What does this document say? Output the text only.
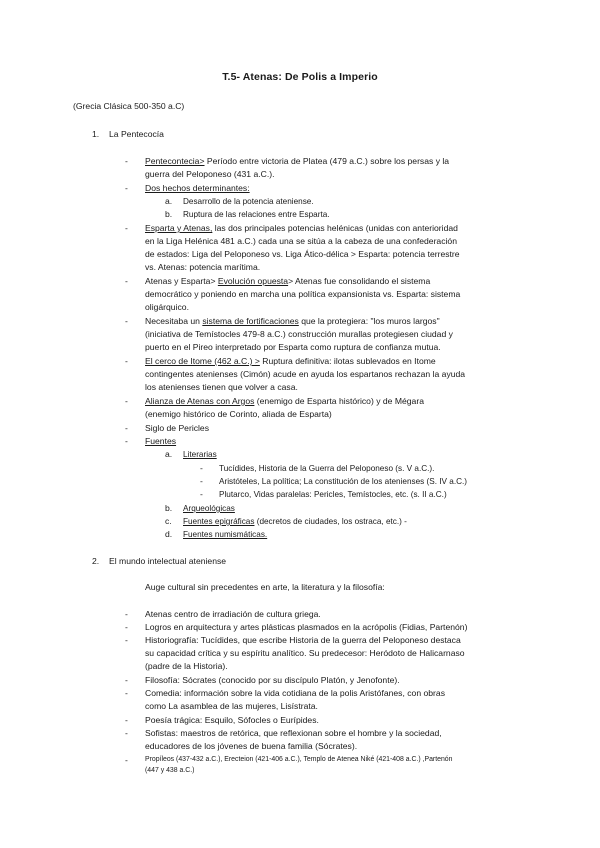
T.5- Atenas: De Polis a Imperio
(Grecia Clásica 500-350 a.C)
1. La Pentecocía
- Pentecontecia> Período entre victoria de Platea (479 a.C.) sobre los persas y la
guerra del Peloponeso (431 a.C.).
- Dos hechos determinantes:
a. Desarrollo de la potencia ateniense.
b. Ruptura de las relaciones entre Esparta.
- Esparta y Atenas, las dos principales potencias helénicas (unidas con anterioridad
en la Liga Helénica 481 a.C.) cada una se sitúa a la cabeza de una confederación
de estados: Liga del Peloponeso vs. Liga Ático-délica > Esparta: potencia terrestre
vs. Atenas: potencia marítima.
- Atenas y Esparta> Evolución opuesta> Atenas fue consolidando el sistema
democrático y poniendo en marcha una política expansionista vs. Esparta: sistema
oligárquico.
- Necesitaba un sistema de fortificaciones que la protegiera: "los muros largos"
(iniciativa de Temístocles 479-8 a.C.) construcción murallas protegiesen ciudad y
puerto en el Pireo interpretado por Esparta como ruptura de confianza mutua.
- El cerco de Itome (462 a.C.) > Ruptura definitiva: ilotas sublevados en Itome
contingentes atenienses (Cimón) acude en ayuda los espartanos rechazan la ayuda
los atenienses tienen que volver a casa.
- Alianza de Atenas con Argos (enemigo de Esparta histórico) y de Mégara
(enemigo histórico de Corinto, aliada de Esparta)
- Siglo de Pericles
- Fuentes
a. Literarias
- Tucídides, Historia de la Guerra del Peloponeso (s. V a.C.).
- Aristóteles, La política; La constitución de los atenienses (S. IV a.C.)
- Plutarco, Vidas paralelas: Pericles, Temístocles, etc. (s. II a.C.)
b. Arqueológicas
c. Fuentes epigráficas (decretos de ciudades, los ostraca, etc.) -
d. Fuentes numismáticas.
2. El mundo intelectual ateniense
Auge cultural sin precedentes en arte, la literatura y la filosofía:
- Atenas centro de irradiación de cultura griega.
- Logros en arquitectura y artes plásticas plasmados en la acrópolis (Fidias, Partenón)
- Historiografía: Tucídides, que escribe Historia de la guerra del Peloponeso destaca
su capacidad crítica y su espíritu analítico. Su predecesor: Heródoto de Halicarnaso
(padre de la Historia).
- Filosofía: Sócrates (conocido por su discípulo Platón, y Jenofonte).
- Comedia: información sobre la vida cotidiana de la polis Aristófanes, con obras
como La asamblea de las mujeres, Lisístrata.
- Poesía trágica: Esquilo, Sófocles o Eurípides.
- Sofistas: maestros de retórica, que reflexionan sobre el hombre y la sociedad,
educadores de los jóvenes de buena familia (Sócrates).
- Propíleos (437-432 a.C.), Erecteion (421-406 a.C.), Templo de Atenea Niké (421-408 a.C.) ,Partenón
(447 y 438 a.C.)
